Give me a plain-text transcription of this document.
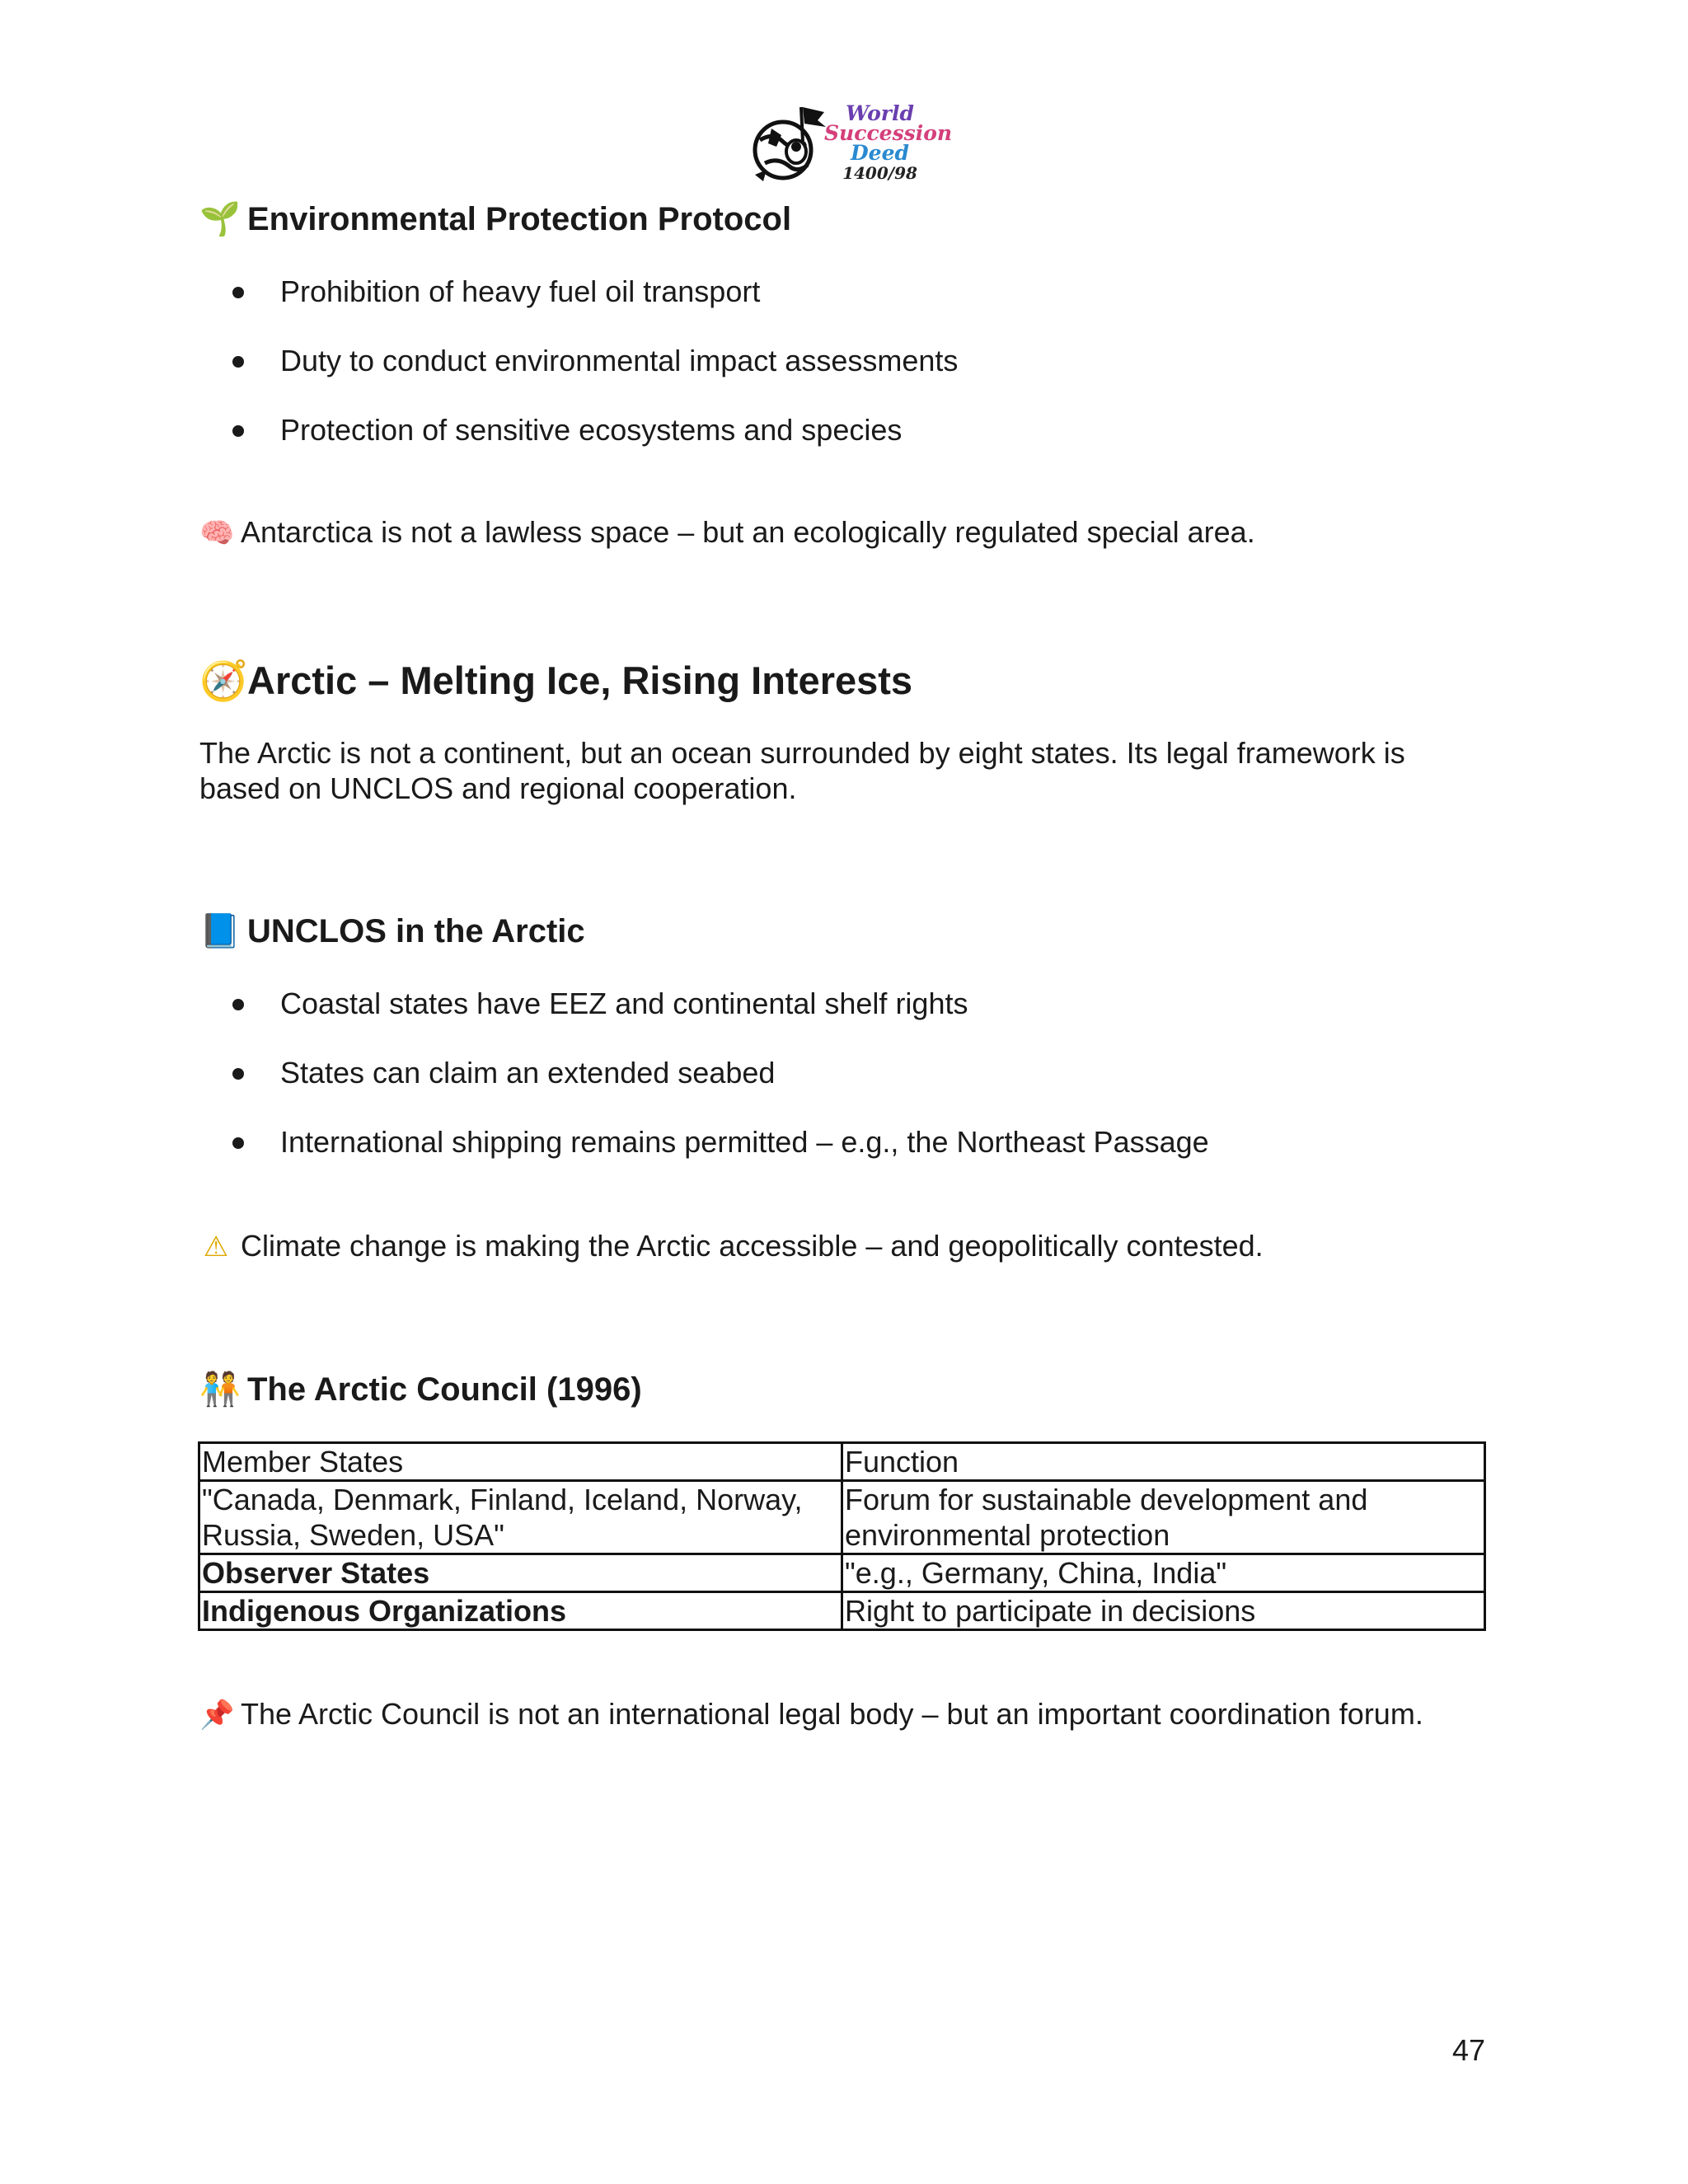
World
Succession
Deed
1400/98
🌱 Environmental Protection Protocol
Prohibition of heavy fuel oil transport
Duty to conduct environmental impact assessments
Protection of sensitive ecosystems and species
🧠 Antarctica is not a lawless space – but an ecologically regulated special area.
🧭Arctic – Melting Ice, Rising Interests
The Arctic is not a continent, but an ocean surrounded by eight states. Its legal framework is based on UNCLOS and regional cooperation.
📘 UNCLOS in the Arctic
Coastal states have EEZ and continental shelf rights
States can claim an extended seabed
International shipping remains permitted – e.g., the Northeast Passage
⚠ Climate change is making the Arctic accessible – and geopolitically contested.
🧑‍🤝‍🧑 The Arctic Council (1996)
Member States	Function
"Canada, Denmark, Finland, Iceland, Norway, Russia, Sweden, USA"	Forum for sustainable development and environmental protection
Observer States	"e.g., Germany, China, India"
Indigenous Organizations	Right to participate in decisions
📌 The Arctic Council is not an international legal body – but an important coordination forum.
47
